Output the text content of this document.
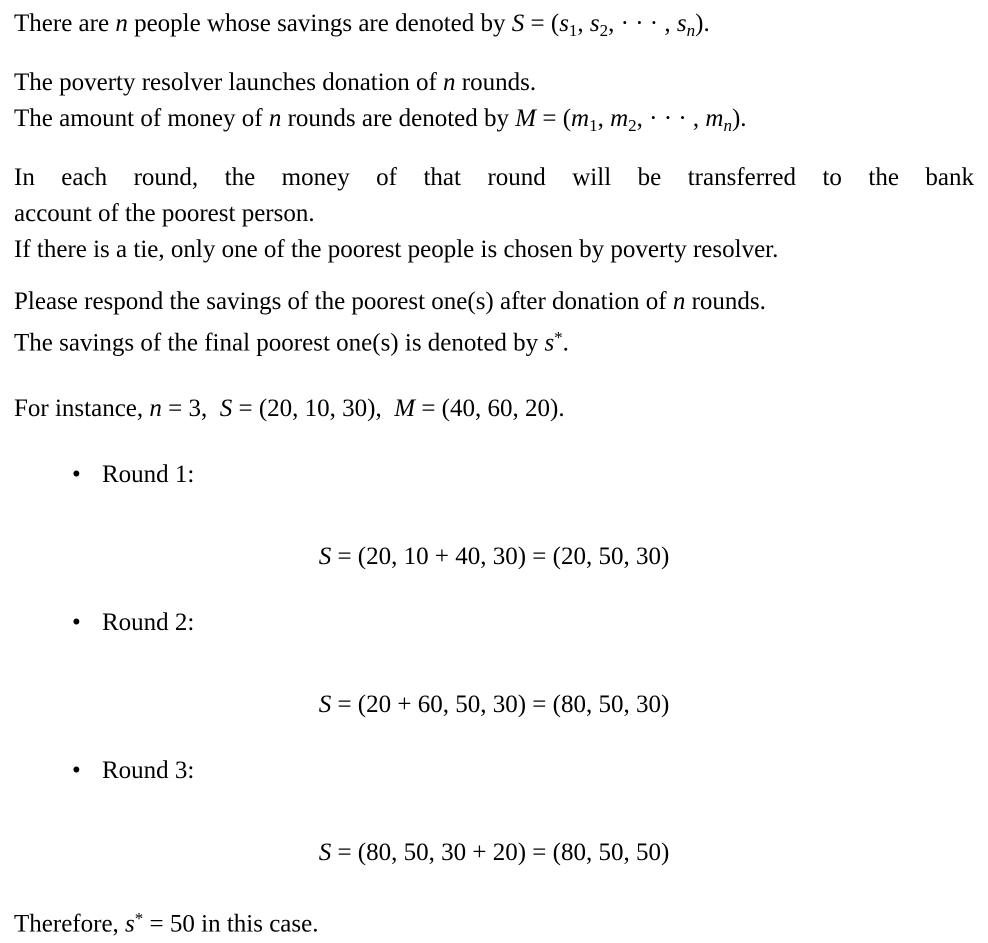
There are n people whose savings are denoted by S = (s1, s2, · · · , sn).

The poverty resolver launches donation of n rounds.

The amount of money of n rounds are denoted by M = (m1, m2, · · · , mn).

In each round, the money of that round will be transferred to the bank

account of the poorest person.

If there is a tie, only one of the poorest people is chosen by poverty resolver.

Please respond the savings of the poorest one(s) after donation of n rounds.

The savings of the final poorest one(s) is denoted by s*.

For instance, n = 3,  S = (20, 10, 30),  M = (40, 60, 20).

• Round 1:

S = (20, 10 + 40, 30) = (20, 50, 30)

• Round 2:

S = (20 + 60, 50, 30) = (80, 50, 30)

• Round 3:

S = (80, 50, 30 + 20) = (80, 50, 50)

Therefore, s* = 50 in this case.
